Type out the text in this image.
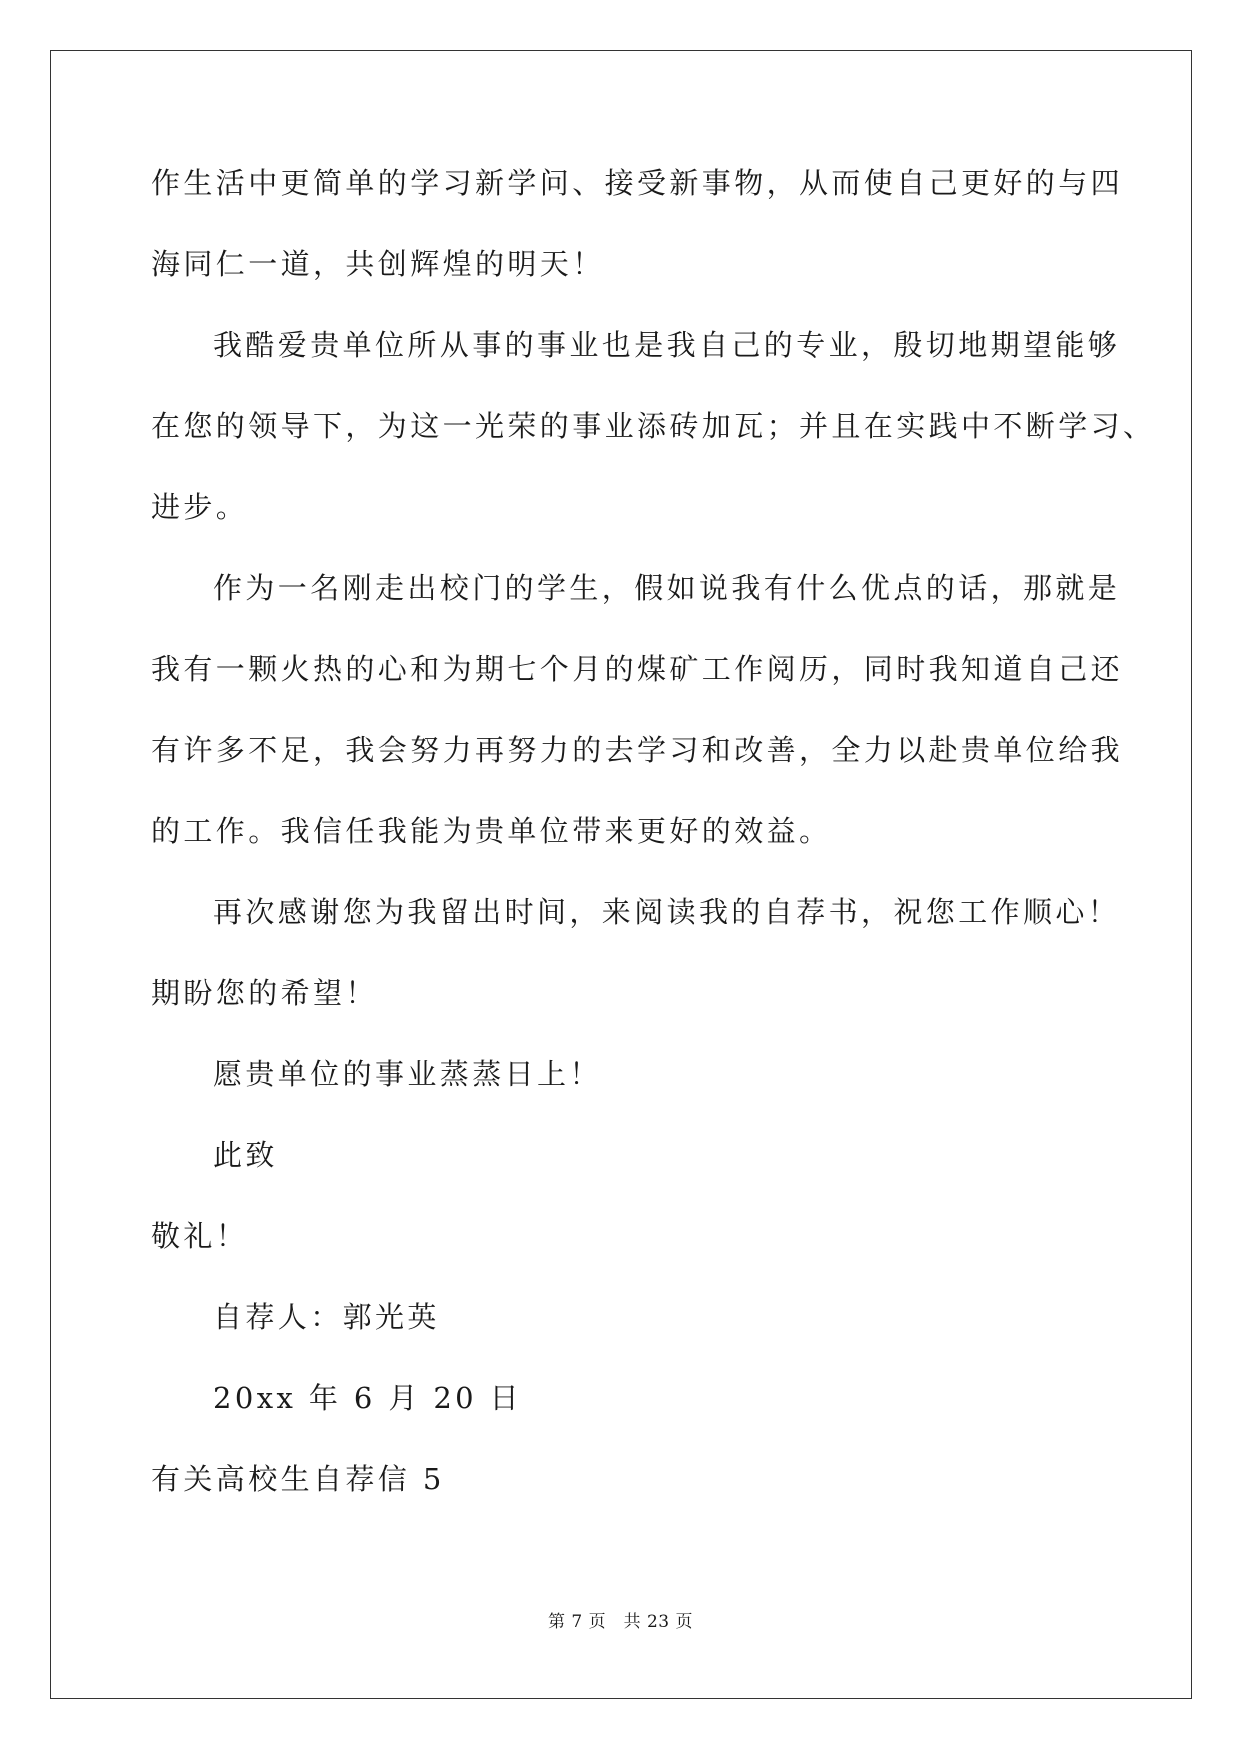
作生活中更简单的学习新学问、接受新事物，从而使自己更好的与四
海同仁一道，共创辉煌的明天！
我酷爱贵单位所从事的事业也是我自己的专业，殷切地期望能够
在您的领导下，为这一光荣的事业添砖加瓦；并且在实践中不断学习、
进步。
作为一名刚走出校门的学生，假如说我有什么优点的话，那就是
我有一颗火热的心和为期七个月的煤矿工作阅历，同时我知道自己还
有许多不足，我会努力再努力的去学习和改善，全力以赴贵单位给我
的工作。我信任我能为贵单位带来更好的效益。
再次感谢您为我留出时间，来阅读我的自荐书，祝您工作顺心！
期盼您的希望！
愿贵单位的事业蒸蒸日上！
此致
敬礼！
自荐人：郭光英
20xx 年 6 月 20 日
有关高校生自荐信 5
第 7 页　共 23 页
